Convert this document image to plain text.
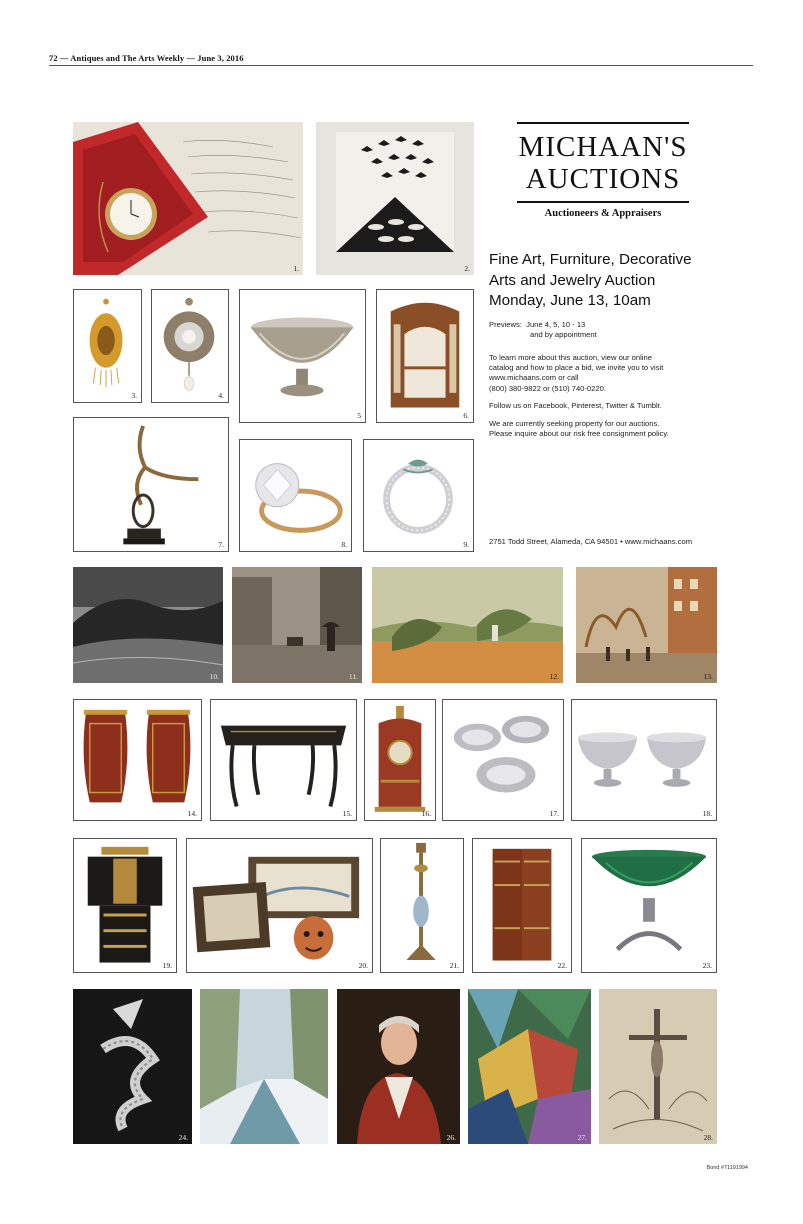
72 — Antiques and The Arts Weekly — June 3, 2016
1.	2.
MICHAAN'S
AUCTIONS
Auctioneers & Appraisers
Fine Art, Furniture, Decorative
Arts and Jewelry Auction
Monday, June 13, 10am
Previews: June 4, 5, 10 - 13
and by appointment
To learn more about this auction, view our online
catalog and how to place a bid, we invite you to visit
www.michaans.com or call
(800) 380-9822 or (510) 740-0220.
Follow us on Facebook, Pinterest, Twitter & Tumblr.
We are currently seeking property for our auctions.
Please inquire about our risk free consignment policy.
2751 Todd Street, Alameda, CA 94501 • www.michaans.com
3.	4.
5	6.
7.	8.	9.
10.	11.	12.	13.
14.	15.	16.	17.	18.
19.	20.	21.	22.	23.
24.	25.	26.	27.	28.
Bond #71191994
